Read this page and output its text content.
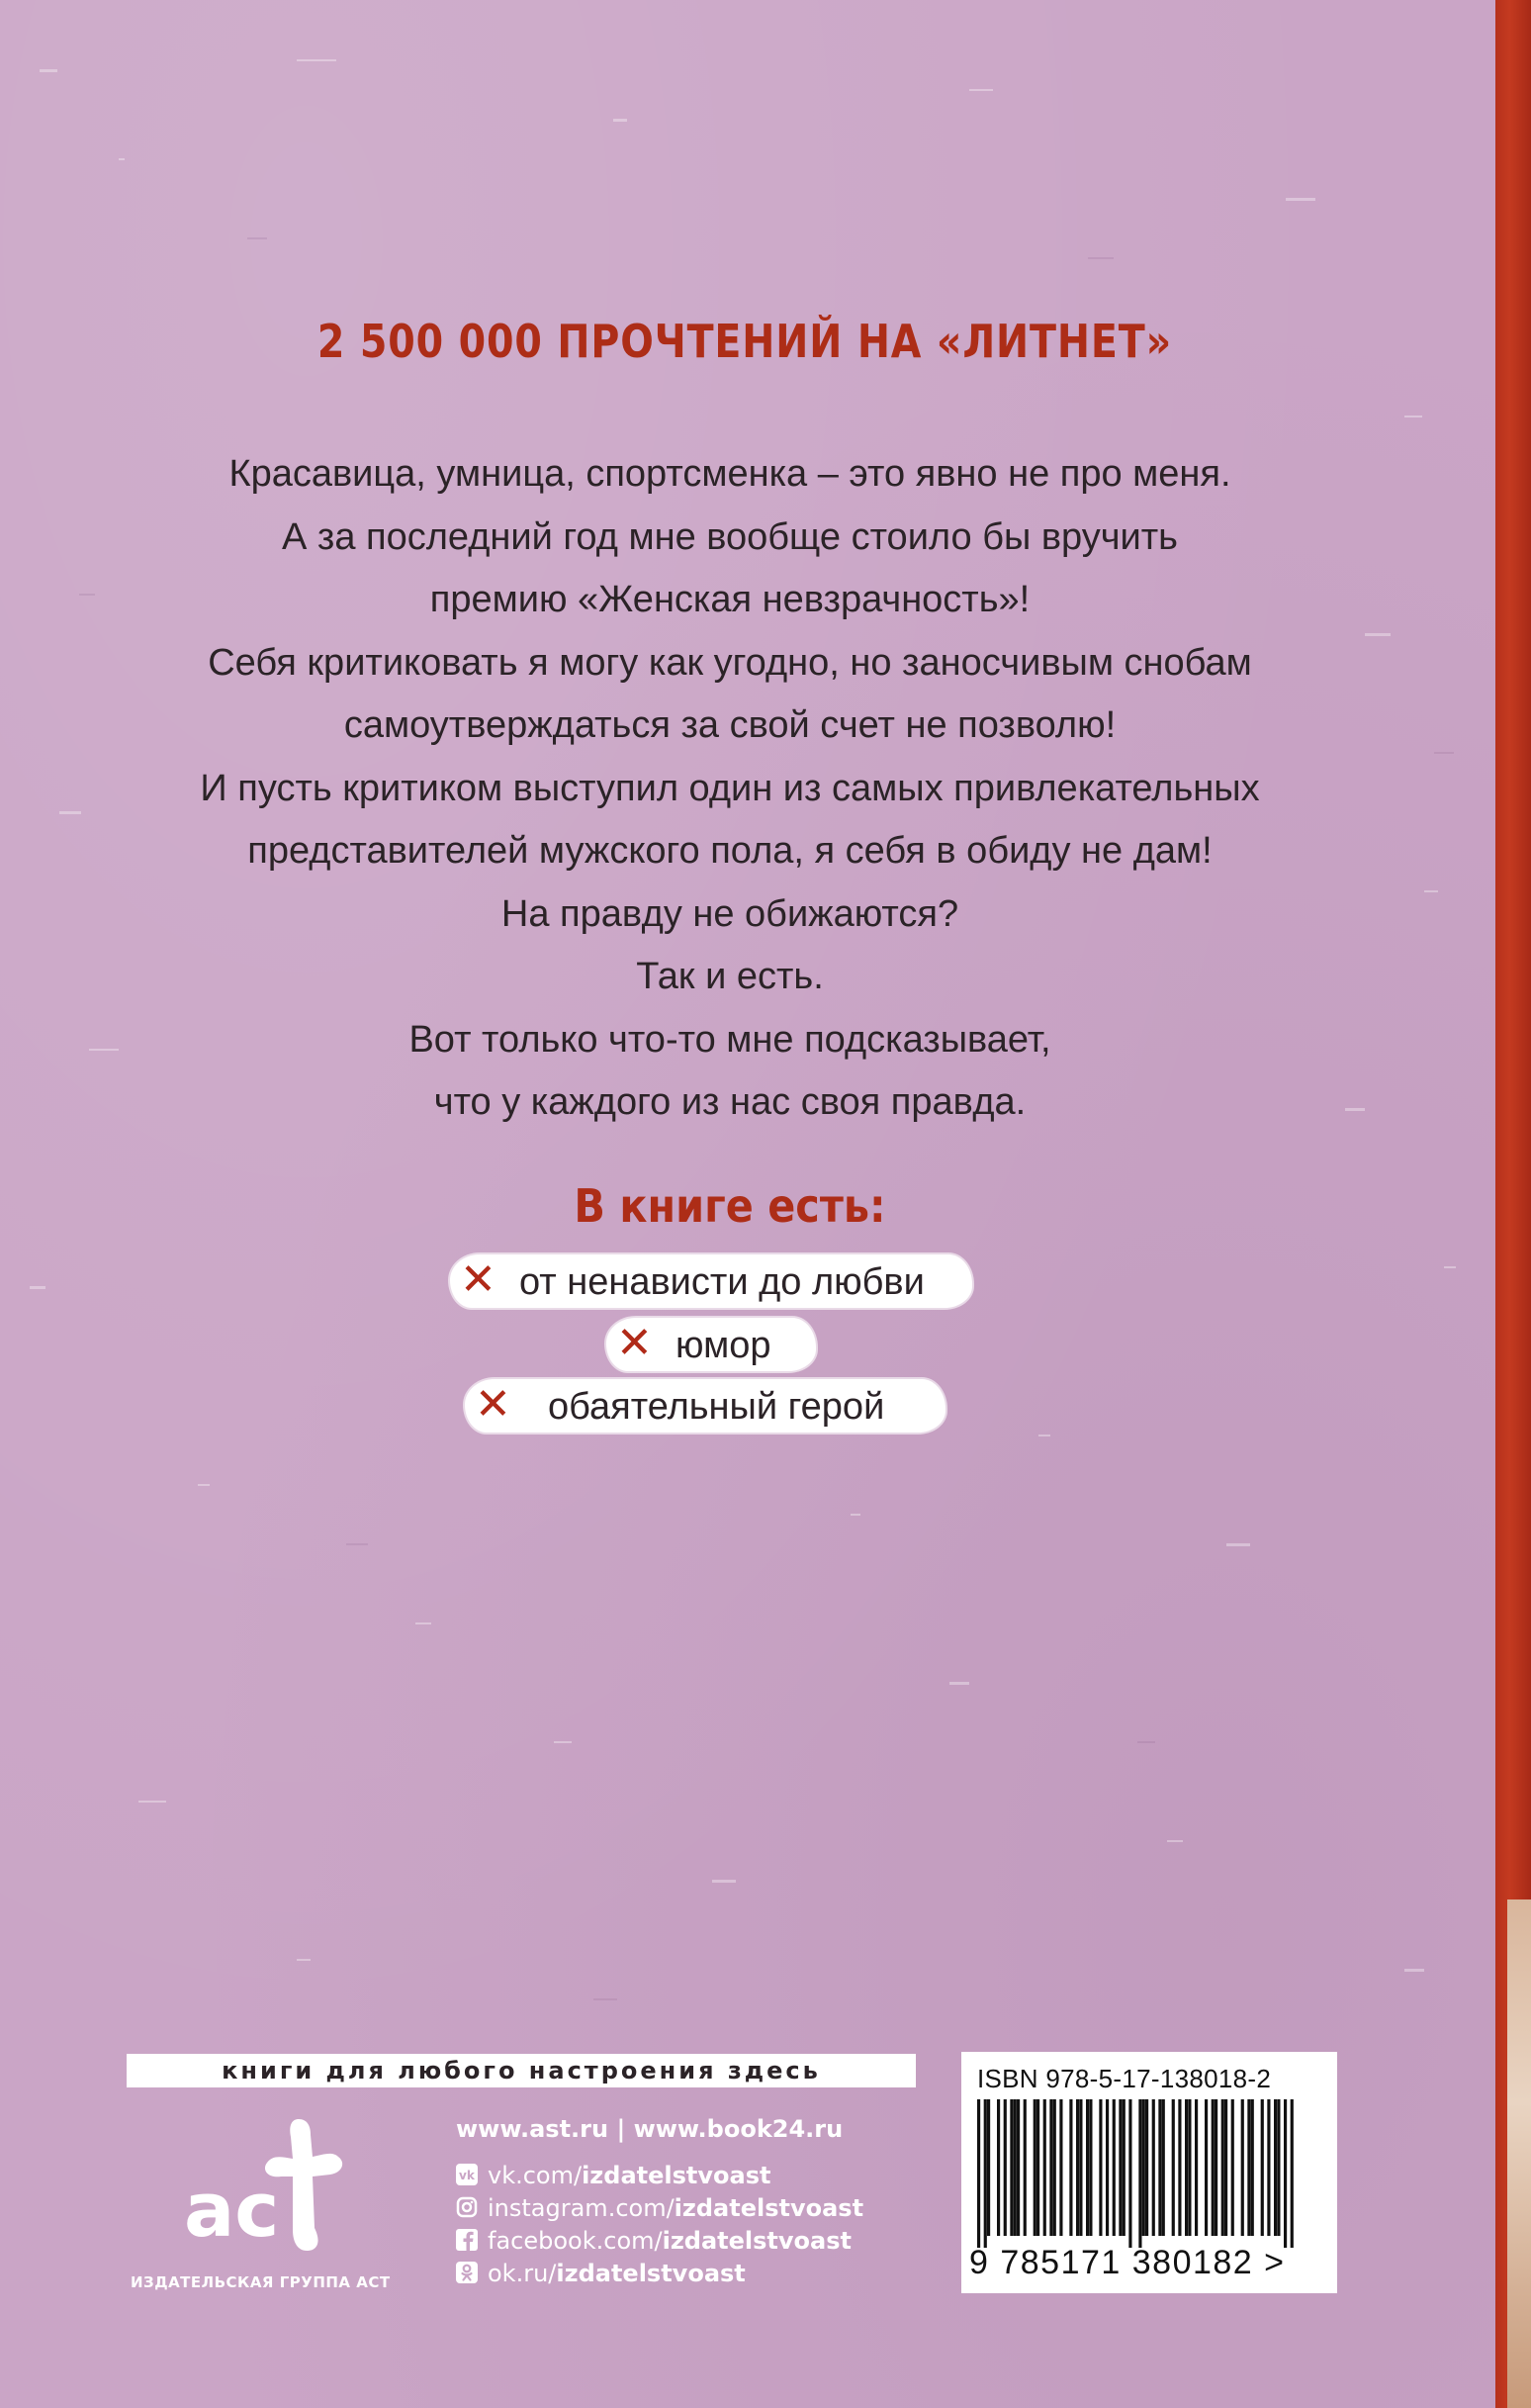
2 500 000 ПРОЧТЕНИЙ НА «ЛИТНЕТ»
Красавица, умница, спортсменка – это явно не про меня.
А за последний год мне вообще стоило бы вручить
премию «Женская невзрачность»!
Себя критиковать я могу как угодно, но заносчивым снобам
самоутверждаться за свой счет не позволю!
И пусть критиком выступил один из самых привлекательных
представителей мужского пола, я себя в обиду не дам!
На правду не обижаются?
Так и есть.
Вот только что-то мне подсказывает,
что у каждого из нас своя правда.
В книге есть:
✕ от ненависти до любви
✕ юмор
✕ обаятельный герой
книги для любого настроения здесь
ac
ИЗДАТЕЛЬСКАЯ ГРУППА АСТ
www.ast.ru | www.book24.ru
vk vk.com/izdatelstvoast
instagram.com/izdatelstvoast
facebook.com/izdatelstvoast
ok.ru/izdatelstvoast
ISBN 978-5-17-138018-2
9 785171 380182 >
